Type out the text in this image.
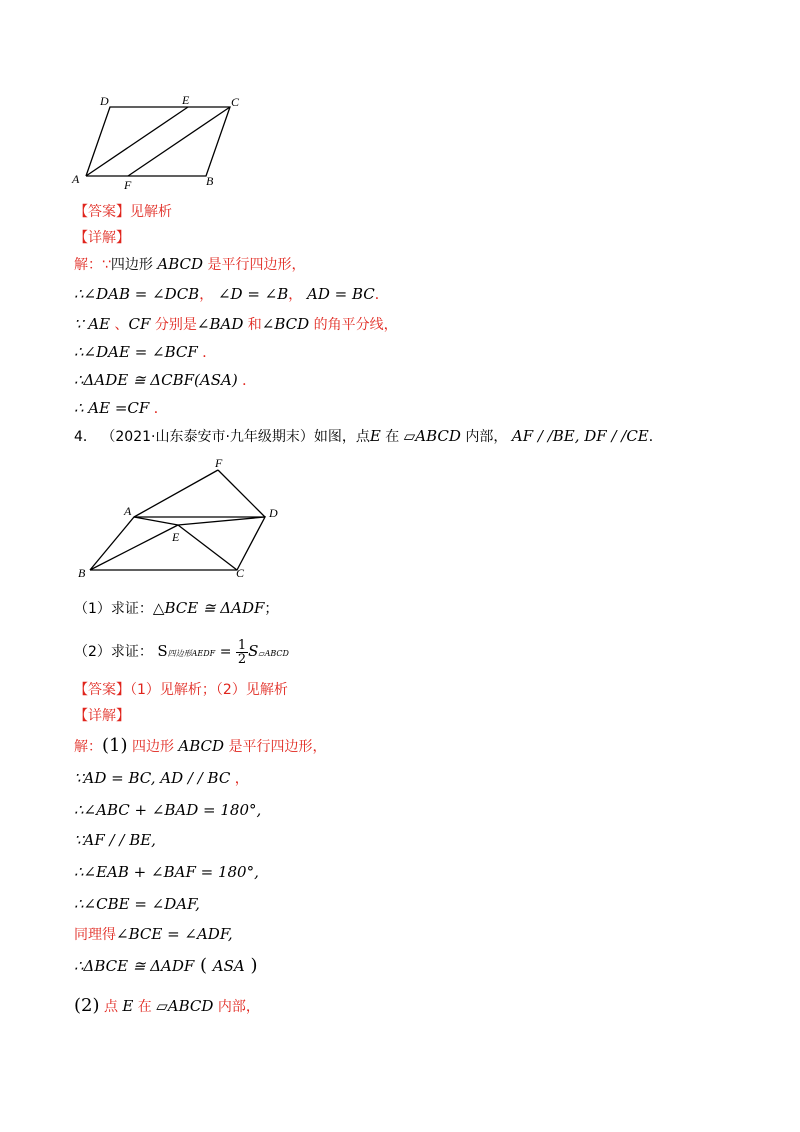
D	E	C
A	F	B
【答案】见解析
【详解】
解：∵四边形 ABCD 是平行四边形，
∴∠DAB = ∠DCB， ∠D = ∠B， AD = BC．
∵ AE 、CF 分别是∠BAD 和∠BCD 的角平分线，
∴∠DAE = ∠BCF ．
∴ΔADE ≅ ΔCBF(ASA) ．
∴ AE =CF ．
4． （2021·山东泰安市·九年级期末）如图，点E 在 ▱ABCD 内部， AF / /BE, DF / /CE．
F
A	D
E
B	C
（1）求证：△BCE ≅ ΔADF；
（2）求证： S四边形AEDF = $\frac{1}{2}$ S▱ABCD
【答案】（1）见解析；（2）见解析
【详解】
解：(1) 四边形 ABCD 是平行四边形，
∵AD = BC, AD / / BC ，
∴∠ABC + ∠BAD = 180°,
∵AF / / BE,
∴∠EAB + ∠BAF = 180°,
∴∠CBE = ∠DAF,
同理得∠BCE = ∠ADF,
∴ΔBCE ≅ ΔADF ( ASA )
(2) 点 E 在 ▱ABCD 内部，
